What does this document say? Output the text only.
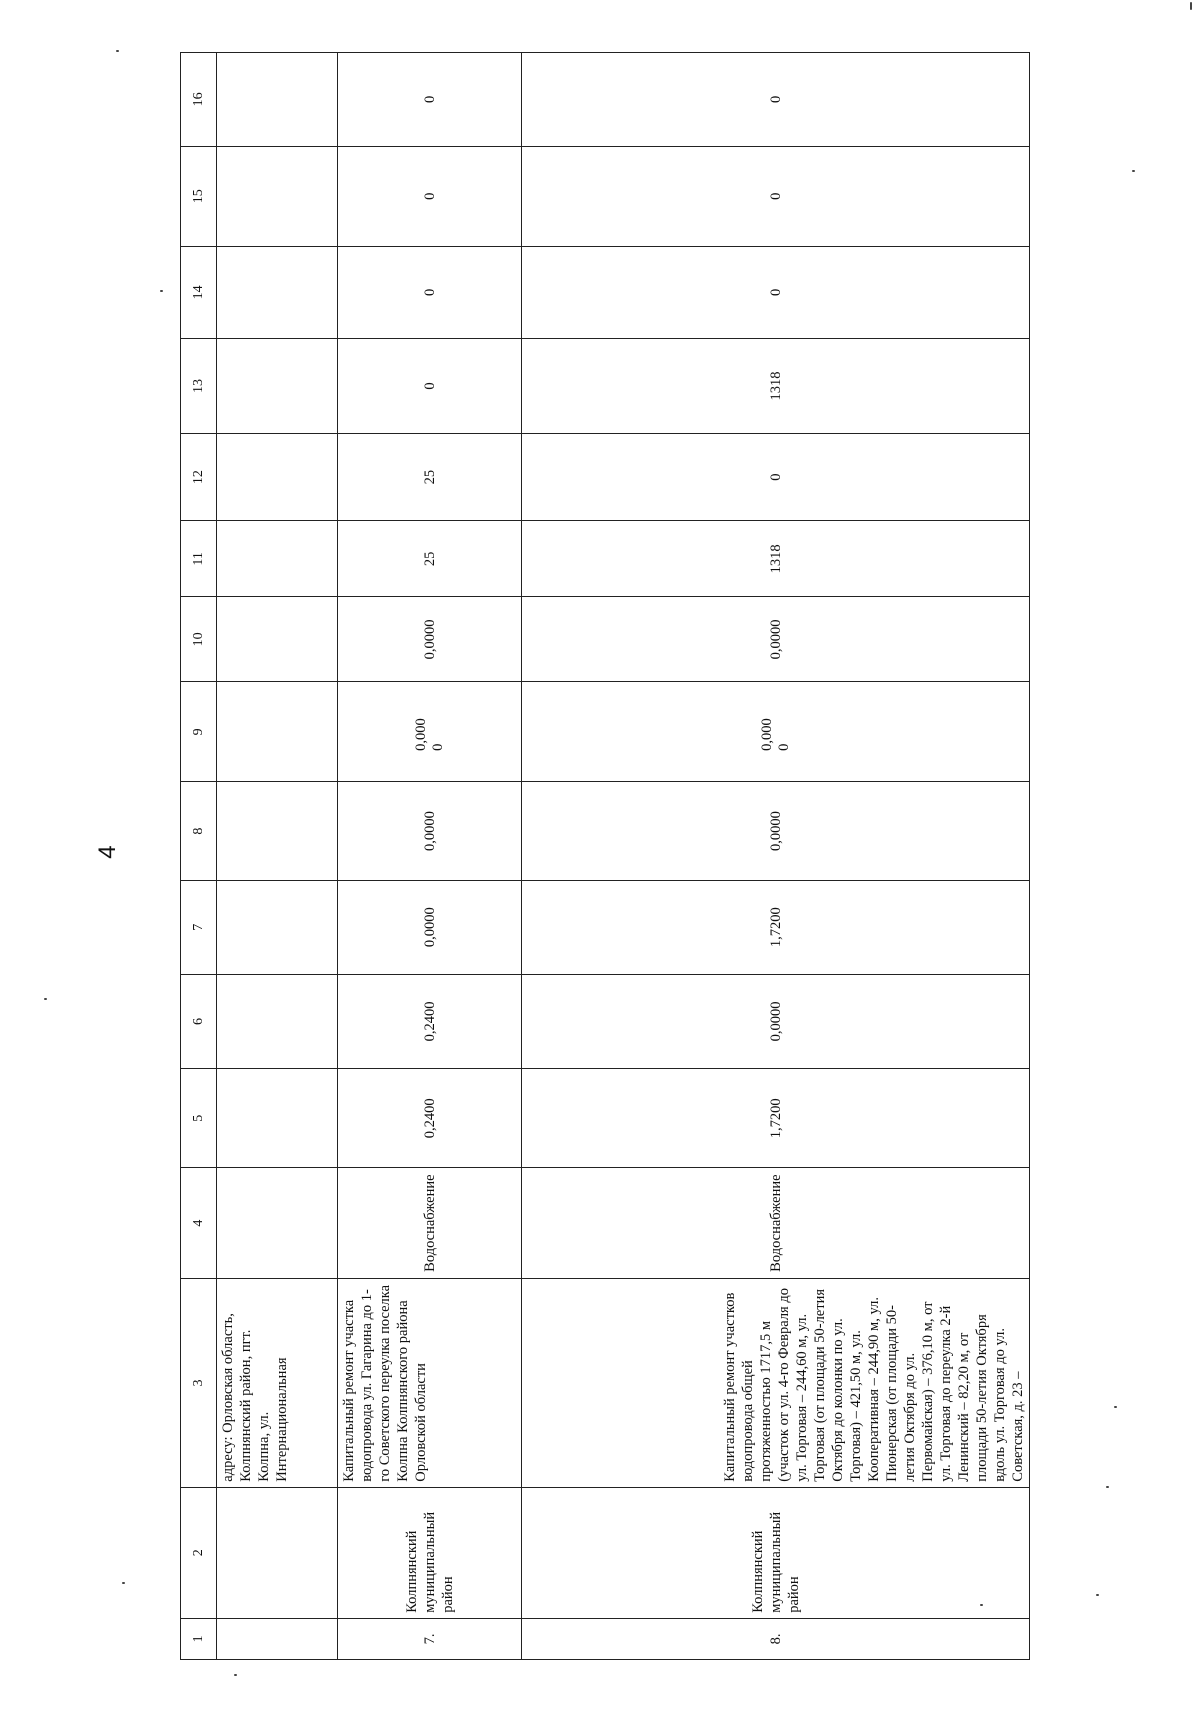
4
1	2	3	4	5	6	7	8	9	10	11	12	13	14	15	16
		адресу: Орловская область, Колпнянский район, пгт. Колпна, ул. Интернациональная													
7.	Колпнянский муниципальный район	Капитальный ремонт участка водопровода ул. Гагарина до 1-го Советского переулка поселка Колпна Колпнянского района Орловской области	Водоснабжение	0,2400	0,2400	0,0000	0,0000	0,0000	0,0000	25	25	0	0	0	0
8.	Колпнянский муниципальный район	Капитальный ремонт участков водопровода общей протяженностью 1717,5 м (участок от ул. 4-го Февраля до ул. Торговая – 244,60 м, ул. Торговая (от площади 50-летия Октября до колонки по ул. Торговая) – 421,50 м, ул. Кооперативная – 244,90 м, ул. Пионерская (от площади 50-летия Октября до ул. Первомайская) – 376,10 м, от ул. Торговая до переулка 2-й Ленинский – 82,20 м, от площади 50-летия Октября вдоль ул. Торговая до ул. Советская, д. 23 –	Водоснабжение	1,7200	0,0000	1,7200	0,0000	0,0000	0,0000	1318	0	1318	0	0	0
